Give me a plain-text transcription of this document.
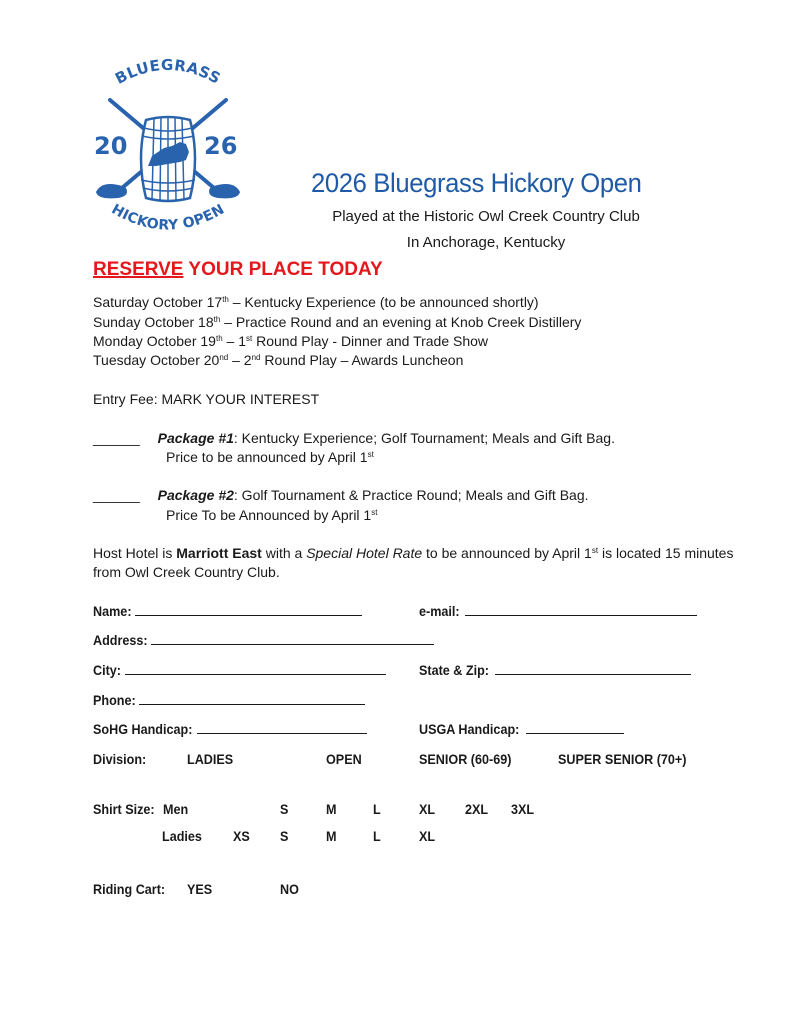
BLUEGRASS
HICKORY OPEN
20	26
2026 Bluegrass Hickory Open
Played at the Historic Owl Creek Country Club
In Anchorage, Kentucky
RESERVE YOUR PLACE TODAY
Saturday October 17th – Kentucky Experience (to be announced shortly)
Sunday October 18th – Practice Round and an evening at Knob Creek Distillery
Monday October 19th – 1st Round Play - Dinner and Trade Show
Tuesday October 20nd – 2nd Round Play – Awards Luncheon
Entry Fee: MARK YOUR INTEREST
______ Package #1: Kentucky Experience; Golf Tournament; Meals and Gift Bag.
Price to be announced by April 1st
______ Package #2: Golf Tournament & Practice Round; Meals and Gift Bag.
Price To be Announced by April 1st
Host Hotel is Marriott East with a Special Hotel Rate to be announced by April 1st is located 15 minutes
from Owl Creek Country Club.
Name:	e-mail:
Address:
City:	State & Zip:
Phone:
SoHG Handicap:	USGA Handicap:
Division:	LADIES	OPEN	SENIOR (60-69)	SUPER SENIOR (70+)
Shirt Size: Men	S	M	L	XL 2XL 3XL
Ladies XS S	M	L	XL
Riding Cart: YES	NO
